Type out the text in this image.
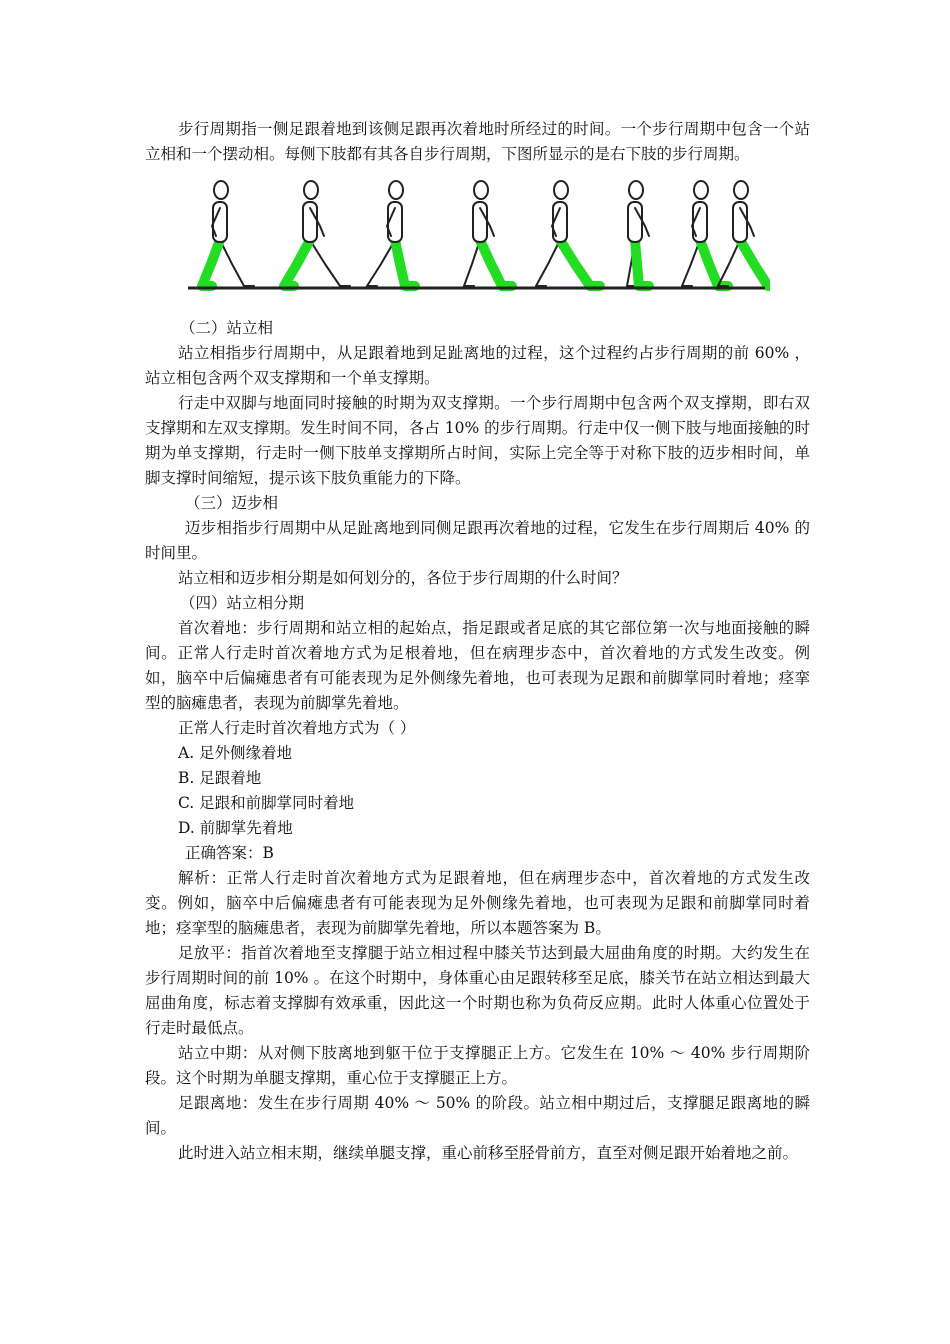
步行周期指一侧足跟着地到该侧足跟再次着地时所经过的时间。一个步行周期中包含一个站立相和一个摆动相。每侧下肢都有其各自步行周期，下图所显示的是右下肢的步行周期。

（二）站立相

站立相指步行周期中，从足跟着地到足趾离地的过程，这个过程约占步行周期的前 60% ，站立相包含两个双支撑期和一个单支撑期。

行走中双脚与地面同时接触的时期为双支撑期。一个步行周期中包含两个双支撑期，即右双支撑期和左双支撑期。发生时间不同，各占 10% 的步行周期。行走中仅一侧下肢与地面接触的时期为单支撑期，行走时一侧下肢单支撑期所占时间，实际上完全等于对称下肢的迈步相时间，单脚支撑时间缩短，提示该下肢负重能力的下降。

（三）迈步相

迈步相指步行周期中从足趾离地到同侧足跟再次着地的过程，它发生在步行周期后 40% 的时间里。

站立相和迈步相分期是如何划分的，各位于步行周期的什么时间？

（四）站立相分期

首次着地：步行周期和站立相的起始点，指足跟或者足底的其它部位第一次与地面接触的瞬间。正常人行走时首次着地方式为足根着地，但在病理步态中，首次着地的方式发生改变。例如，脑卒中后偏瘫患者有可能表现为足外侧缘先着地，也可表现为足跟和前脚掌同时着地；痉挛型的脑瘫患者，表现为前脚掌先着地。

正常人行走时首次着地方式为（ ）

A. 足外侧缘着地

B. 足跟着地

C. 足跟和前脚掌同时着地

D. 前脚掌先着地

正确答案：B

解析：正常人行走时首次着地方式为足跟着地，但在病理步态中，首次着地的方式发生改变。例如，脑卒中后偏瘫患者有可能表现为足外侧缘先着地，也可表现为足跟和前脚掌同时着地；痉挛型的脑瘫患者，表现为前脚掌先着地，所以本题答案为 B。

足放平：指首次着地至支撑腿于站立相过程中膝关节达到最大屈曲角度的时期。大约发生在步行周期时间的前 10% 。在这个时期中，身体重心由足跟转移至足底，膝关节在站立相达到最大屈曲角度，标志着支撑脚有效承重，因此这一个时期也称为负荷反应期。此时人体重心位置处于行走时最低点。

站立中期：从对侧下肢离地到躯干位于支撑腿正上方。它发生在 10% ～ 40% 步行周期阶段。这个时期为单腿支撑期，重心位于支撑腿正上方。

足跟离地：发生在步行周期 40% ～ 50% 的阶段。站立相中期过后，支撑腿足跟离地的瞬间。

此时进入站立相末期，继续单腿支撑，重心前移至胫骨前方，直至对侧足跟开始着地之前。
